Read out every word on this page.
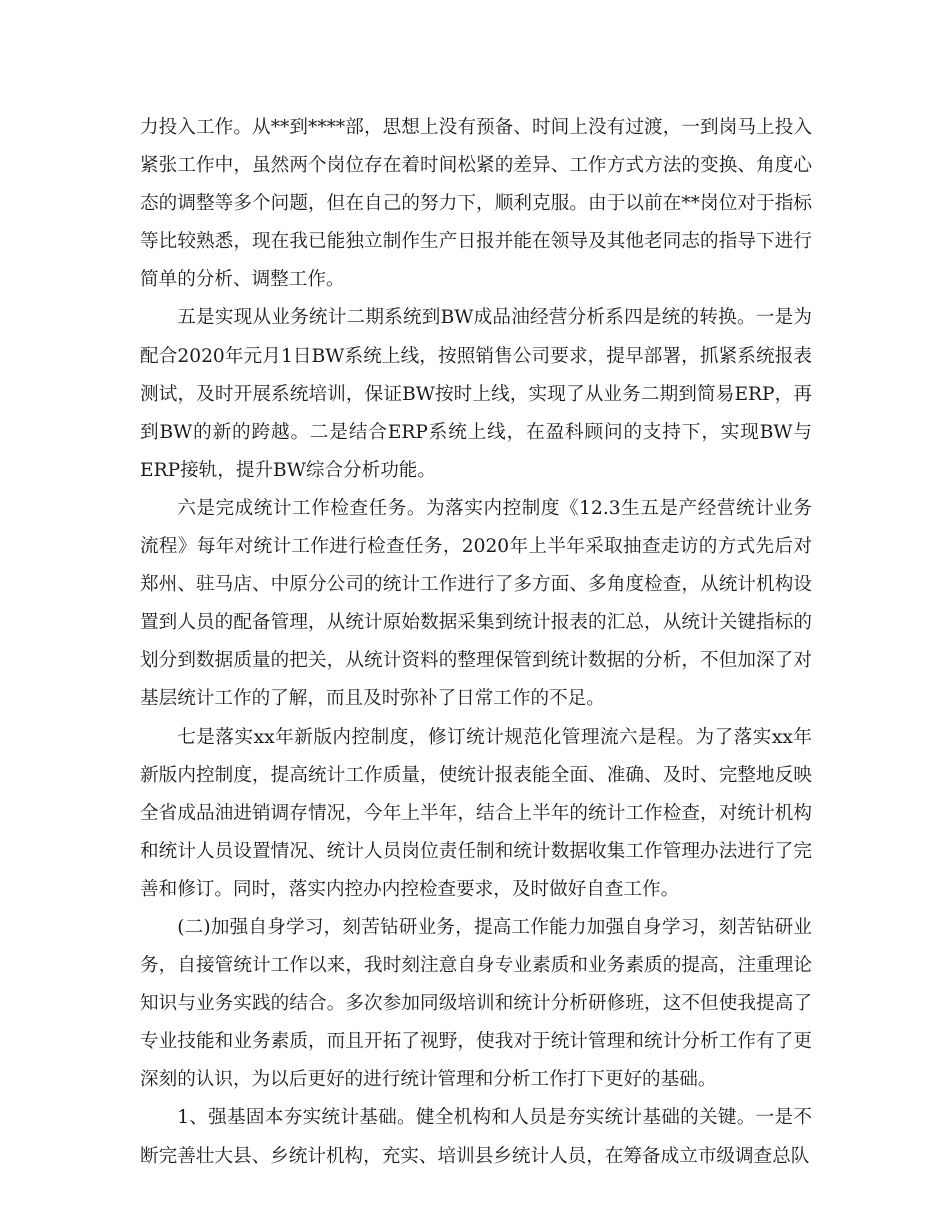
力投入工作。从**到****部，思想上没有预备、时间上没有过渡，一到岗马上投入紧张工作中，虽然两个岗位存在着时间松紧的差异、工作方式方法的变换、角度心态的调整等多个问题，但在自己的努力下，顺利克服。由于以前在**岗位对于指标等比较熟悉，现在我已能独立制作生产日报并能在领导及其他老同志的指导下进行简单的分析、调整工作。

五是实现从业务统计二期系统到BW成品油经营分析系四是统的转换。一是为配合2020年元月1日BW系统上线，按照销售公司要求，提早部署，抓紧系统报表测试，及时开展系统培训，保证BW按时上线，实现了从业务二期到简易ERP，再到BW的新的跨越。二是结合ERP系统上线，在盈科顾问的支持下，实现BW与ERP接轨，提升BW综合分析功能。

六是完成统计工作检查任务。为落实内控制度《12.3生五是产经营统计业务流程》每年对统计工作进行检查任务，2020年上半年采取抽查走访的方式先后对郑州、驻马店、中原分公司的统计工作进行了多方面、多角度检查，从统计机构设置到人员的配备管理，从统计原始数据采集到统计报表的汇总，从统计关键指标的划分到数据质量的把关，从统计资料的整理保管到统计数据的分析，不但加深了对基层统计工作的了解，而且及时弥补了日常工作的不足。

七是落实xx年新版内控制度，修订统计规范化管理流六是程。为了落实xx年新版内控制度，提高统计工作质量，使统计报表能全面、准确、及时、完整地反映全省成品油进销调存情况，今年上半年，结合上半年的统计工作检查，对统计机构和统计人员设置情况、统计人员岗位责任制和统计数据收集工作管理办法进行了完善和修订。同时，落实内控办内控检查要求，及时做好自查工作。

(二)加强自身学习，刻苦钻研业务，提高工作能力加强自身学习，刻苦钻研业务，自接管统计工作以来，我时刻注意自身专业素质和业务素质的提高，注重理论知识与业务实践的结合。多次参加同级培训和统计分析研修班，这不但使我提高了专业技能和业务素质，而且开拓了视野，使我对于统计管理和统计分析工作有了更深刻的认识，为以后更好的进行统计管理和分析工作打下更好的基础。

1、强基固本夯实统计基础。健全机构和人员是夯实统计基础的关键。一是不断完善壮大县、乡统计机构，充实、培训县乡统计人员，在筹备成立市级调查总队
